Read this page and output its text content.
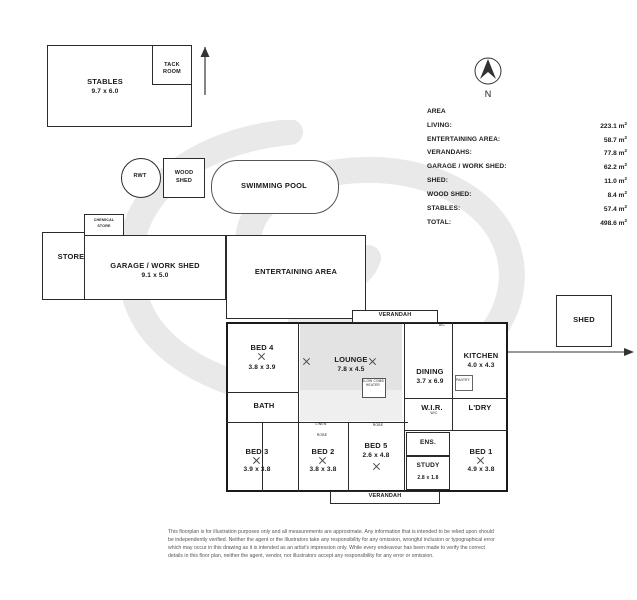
STABLES
9.7 x 6.0
TACK
ROOM
RWT	WOOD
SHED	SWIMMING POOL
STORE
CHEMICAL
STORE
GARAGE / WORK SHED
9.1 x 5.0	ENTERTAINING AREA
SHED
VERANDAH
VERANDAH
BED 4
3.8 x 3.9
LOUNGE
7.8 x 4.5
SLOW COMB HEATER
DINING
3.7 x 6.9
KITCHEN
4.0 x 4.3
PANTRY
A/C
BATH
LINEN
ROBE
W.I.R.	L'DRY
BED 3
3.9 x 3.8
BED 2
3.8 x 3.8
BED 5
2.6 x 4.8
ENS.
STUDY
2.8 x 1.8
BED 1
4.9 x 3.8
ROBE
W/C
N
AREA
LIVING:	223.1 $m^2$
ENTERTAINING AREA:	58.7 $m^2$
VERANDAHS:	77.8 $m^2$
GARAGE / WORK SHED:	62.2 $m^2$
SHED:	11.0 $m^2$
WOOD SHED:	8.4 $m^2$
STABLES:	57.4 $m^2$
TOTAL:	498.6 $m^2$
This floorplan is for illustration purposes only and all measurements are approximate. Any information that is intended to be relied upon should be independently verified. Neither the agent or the illustrators take any responsibility for any omission, wrongful inclusion or typographical error which may occur in this drawing as it is intended as an artist's impression only. While every endeavour has been made to verify the correct details in this floor plan, neither the agent, vendor, nor illustrators accept any responsibility for any error or omission.
